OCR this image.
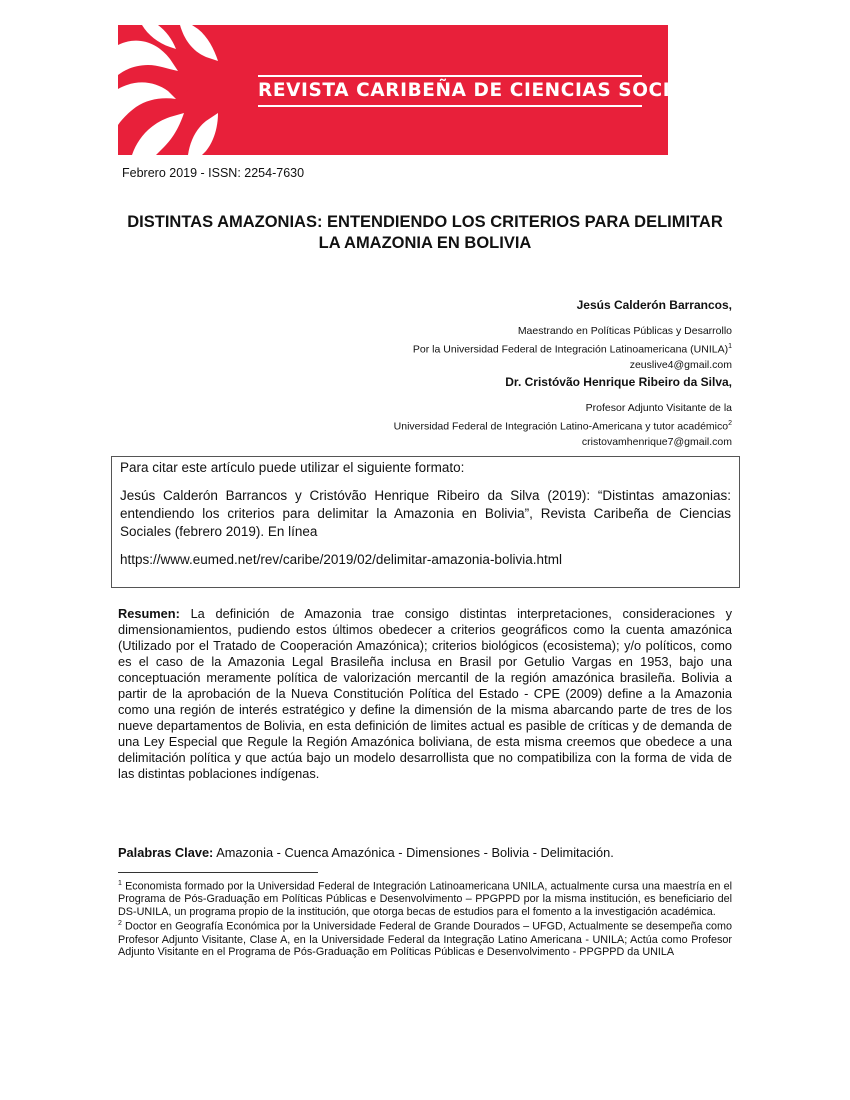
REVISTA CARIBEÑA DE CIENCIAS SOCIALES
Febrero 2019 - ISSN: 2254-7630
DISTINTAS AMAZONIAS: ENTENDIENDO LOS CRITERIOS PARA DELIMITAR
LA AMAZONIA EN BOLIVIA
Jesús Calderón Barrancos,
Maestrando en Políticas Públicas y Desarrollo
Por la Universidad Federal de Integración Latinoamericana (UNILA)$^1$
zeuslive4@gmail.com
Dr. Cristóvão Henrique Ribeiro da Silva,
Profesor Adjunto Visitante de la
Universidad Federal de Integración Latino-Americana y tutor académico$^2$
cristovamhenrique7@gmail.com

Para citar este artículo puede utilizar el siguiente formato:

Jesús Calderón Barrancos y Cristóvão Henrique Ribeiro da Silva (2019): “Distintas amazonias: entendiendo los criterios para delimitar la Amazonia en Bolivia”, Revista Caribeña de Ciencias Sociales (febrero 2019). En línea

https://www.eumed.net/rev/caribe/2019/02/delimitar-amazonia-bolivia.html

Resumen: La definición de Amazonia trae consigo distintas interpretaciones, consideraciones y dimensionamientos, pudiendo estos últimos obedecer a criterios geográficos como la cuenta amazónica (Utilizado por el Tratado de Cooperación Amazónica); criterios biológicos (ecosistema); y/o políticos, como es el caso de la Amazonia Legal Brasileña inclusa en Brasil por Getulio Vargas en 1953, bajo una conceptuación meramente política de valorización mercantil de la región amazónica brasileña. Bolivia a partir de la aprobación de la Nueva Constitución Política del Estado - CPE (2009) define a la Amazonia como una región de interés estratégico y define la dimensión de la misma abarcando parte de tres de los nueve departamentos de Bolivia, en esta definición de limites actual es pasible de críticas y de demanda de una Ley Especial que Regule la Región Amazónica boliviana, de esta misma creemos que obedece a una delimitación política y que actúa bajo un modelo desarrollista que no compatibiliza con la forma de vida de las distintas poblaciones indígenas.
Palabras Clave: Amazonia - Cuenca Amazónica - Dimensiones - Bolivia - Delimitación.

$^1$ Economista formado por la Universidad Federal de Integración Latinoamericana UNILA, actualmente cursa una maestría en el Programa de Pós-Graduação em Políticas Públicas e Desenvolvimento – PPGPPD por la misma institución, es beneficiario del DS-UNILA, un programa propio de la institución, que otorga becas de estudios para el fomento a la investigación académica.

$^2$ Doctor en Geografía Económica por la Universidade Federal de Grande Dourados – UFGD, Actualmente se desempeña como Profesor Adjunto Visitante, Clase A, en la Universidade Federal da Integração Latino Americana - UNILA; Actúa como Profesor Adjunto Visitante en el Programa de Pós-Graduação em Políticas Públicas e Desenvolvimento - PPGPPD da UNILA
